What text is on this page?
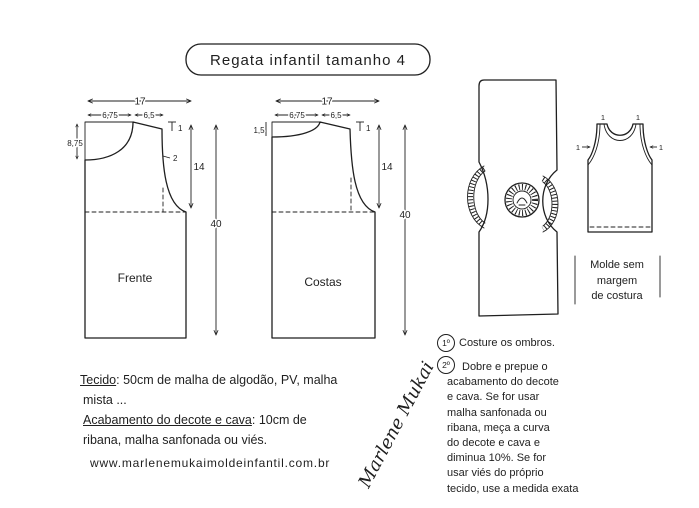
Regata infantil tamanho 4
Frente
17
6,75	6,5
8,75
1
2
14
40
Costas
17
6,75	6,5
1,5	1
14
40
1	1
1	1
Molde sem
margem
de costura
Tecido: 50cm de malha de algodão, PV, malha
mista ...
Acabamento do decote e cava: 10cm de
ribana, malha sanfonada ou viés.
www.marlenemukaimoldeinfantil.com.br Marlene Mukai
1º Costure os ombros.
2º	Dobre e prepue o
acabamento do decote
e cava. Se for usar
malha sanfonada ou
ribana, meça a curva
do decote e cava e
diminua 10%. Se for
usar viés do próprio
tecido, use a medida exata
